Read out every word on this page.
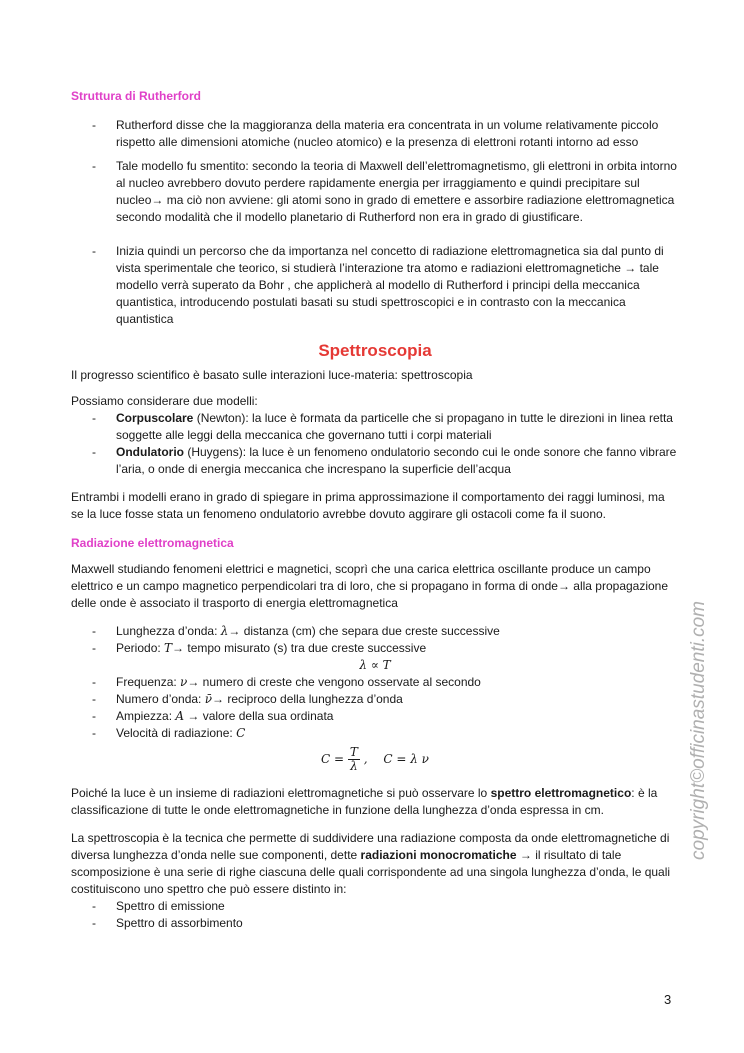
Struttura di Rutherford
- Rutherford disse che la maggioranza della materia era concentrata in un volume relativamente piccolo rispetto alle dimensioni atomiche (nucleo atomico) e la presenza di elettroni rotanti intorno ad esso
- Tale modello fu smentito: secondo la teoria di Maxwell dell’elettromagnetismo, gli elettroni in orbita intorno al nucleo avrebbero dovuto perdere rapidamente energia per irraggiamento e quindi precipitare sul nucleo→ ma ciò non avviene: gli atomi sono in grado di emettere e assorbire radiazione elettromagnetica secondo modalità che il modello planetario di Rutherford non era in grado di giustificare.
- Inizia quindi un percorso che da importanza nel concetto di radiazione elettromagnetica sia dal punto di vista sperimentale che teorico, si studierà l’interazione tra atomo e radiazioni elettromagnetiche → tale modello verrà superato da Bohr , che applicherà al modello di Rutherford i principi della meccanica quantistica, introducendo postulati basati su studi spettroscopici e in contrasto con la meccanica quantistica
Spettroscopia

Il progresso scientifico è basato sulle interazioni luce-materia: spettroscopia

Possiamo considerare due modelli:

- Corpuscolare (Newton): la luce è formata da particelle che si propagano in tutte le direzioni in linea retta soggette alle leggi della meccanica che governano tutti i corpi materiali
- Ondulatorio (Huygens): la luce è un fenomeno ondulatorio secondo cui le onde sonore che fanno vibrare l’aria, o onde di energia meccanica che increspano la superficie dell’acqua

Entrambi i modelli erano in grado di spiegare in prima approssimazione il comportamento dei raggi luminosi, ma se la luce fosse stata un fenomeno ondulatorio avrebbe dovuto aggirare gli ostacoli come fa il suono.

Radiazione elettromagnetica

Maxwell studiando fenomeni elettrici e magnetici, scoprì che una carica elettrica oscillante produce un campo elettrico e un campo magnetico perpendicolari tra di loro, che si propagano in forma di onde→ alla propagazione delle onde è associato il trasporto di energia elettromagnetica

- Lunghezza d’onda: λ→ distanza (cm) che separa due creste successive
- Periodo: T→ tempo misurato (s) tra due creste successive
λ ∝ T
- Frequenza: ν→ numero di creste che vengono osservate al secondo
- Numero d’onda: ν̄→ reciproco della lunghezza d’onda
- Ampiezza: A → valore della sua ordinata
- Velocità di radiazione: C
$C = \frac{T}{\lambda}$ , C = λ ν

Poiché la luce è un insieme di radiazioni elettromagnetiche si può osservare lo spettro elettromagnetico: è la classificazione di tutte le onde elettromagnetiche in funzione della lunghezza d’onda espressa in cm.

La spettroscopia è la tecnica che permette di suddividere una radiazione composta da onde elettromagnetiche di diversa lunghezza d’onda nelle sue componenti, dette radiazioni monocromatiche → il risultato di tale scomposizione è una serie di righe ciascuna delle quali corrispondente ad una singola lunghezza d’onda, le quali costituiscono uno spettro che può essere distinto in:

- Spettro di emissione
- Spettro di assorbimento
copyright©officinastudenti.com
3
